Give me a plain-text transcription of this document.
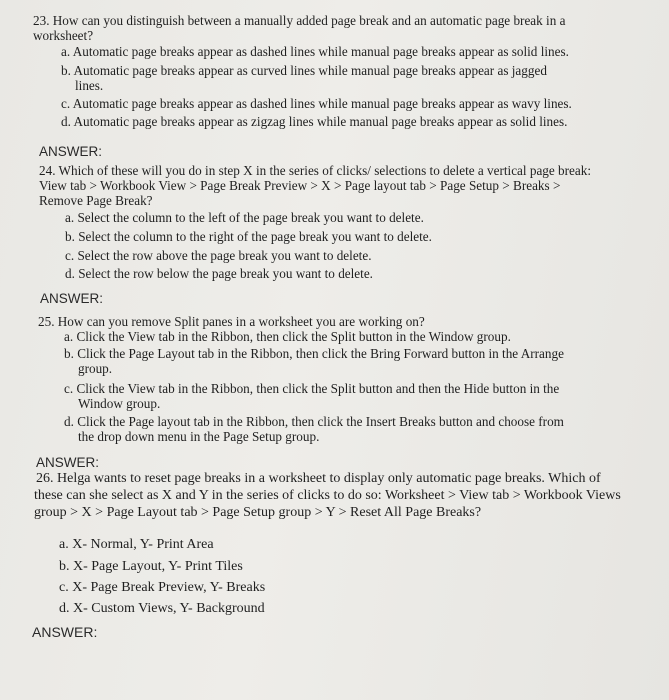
23. How can you distinguish between a manually added page break and an automatic page break in a
worksheet?
a. Automatic page breaks appear as dashed lines while manual page breaks appear as solid lines.
b. Automatic page breaks appear as curved lines while manual page breaks appear as jagged
lines.
c. Automatic page breaks appear as dashed lines while manual page breaks appear as wavy lines.
d. Automatic page breaks appear as zigzag lines while manual page breaks appear as solid lines.
ANSWER:
24. Which of these will you do in step X in the series of clicks/ selections to delete a vertical page break:
View tab > Workbook View > Page Break Preview > X > Page layout tab > Page Setup > Breaks >
Remove Page Break?
a. Select the column to the left of the page break you want to delete.
b. Select the column to the right of the page break you want to delete.
c. Select the row above the page break you want to delete.
d. Select the row below the page break you want to delete.
ANSWER:
25. How can you remove Split panes in a worksheet you are working on?
a. Click the View tab in the Ribbon, then click the Split button in the Window group.
b. Click the Page Layout tab in the Ribbon, then click the Bring Forward button in the Arrange
group.
c. Click the View tab in the Ribbon, then click the Split button and then the Hide button in the
Window group.
d. Click the Page layout tab in the Ribbon, then click the Insert Breaks button and choose from
the drop down menu in the Page Setup group.
ANSWER:
26. Helga wants to reset page breaks in a worksheet to display only automatic page breaks. Which of
these can she select as X and Y in the series of clicks to do so: Worksheet > View tab > Workbook Views
group > X > Page Layout tab > Page Setup group > Y > Reset All Page Breaks?
a. X- Normal, Y- Print Area
b. X- Page Layout, Y- Print Tiles
c. X- Page Break Preview, Y- Breaks
d. X- Custom Views, Y- Background
ANSWER:
